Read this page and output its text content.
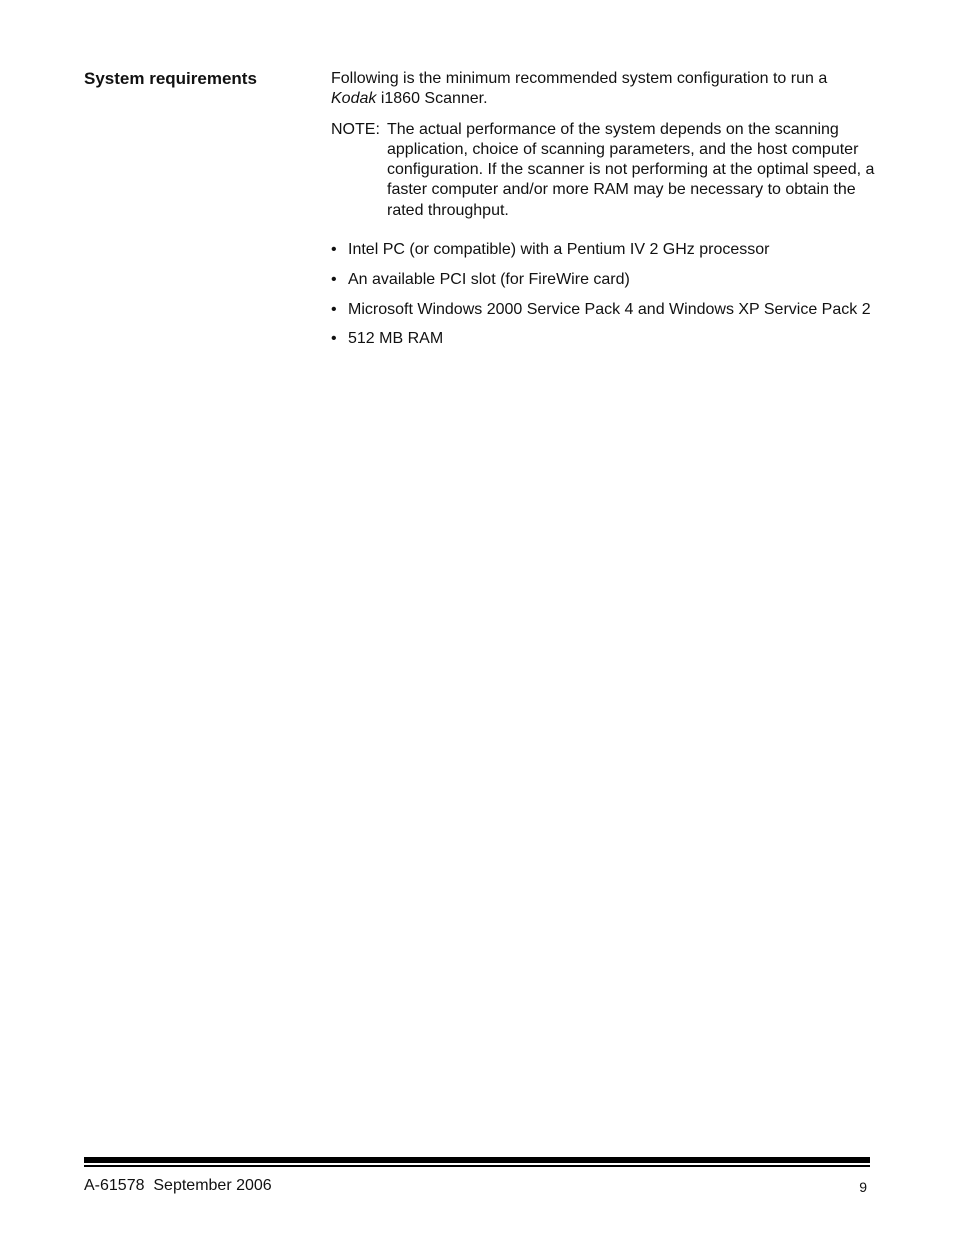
System requirements	Following is the minimum recommended system configuration to run a Kodak i1860 Scanner.

NOTE: The actual performance of the system depends on the scanning application, choice of scanning parameters, and the host computer configuration. If the scanner is not performing at the optimal speed, a faster computer and/or more RAM may be necessary to obtain the rated throughput.
• Intel PC (or compatible) with a Pentium IV 2 GHz processor
• An available PCI slot (for FireWire card)
• Microsoft Windows 2000 Service Pack 4 and Windows XP Service Pack 2
• 512 MB RAM
A-61578  September 2006	9
